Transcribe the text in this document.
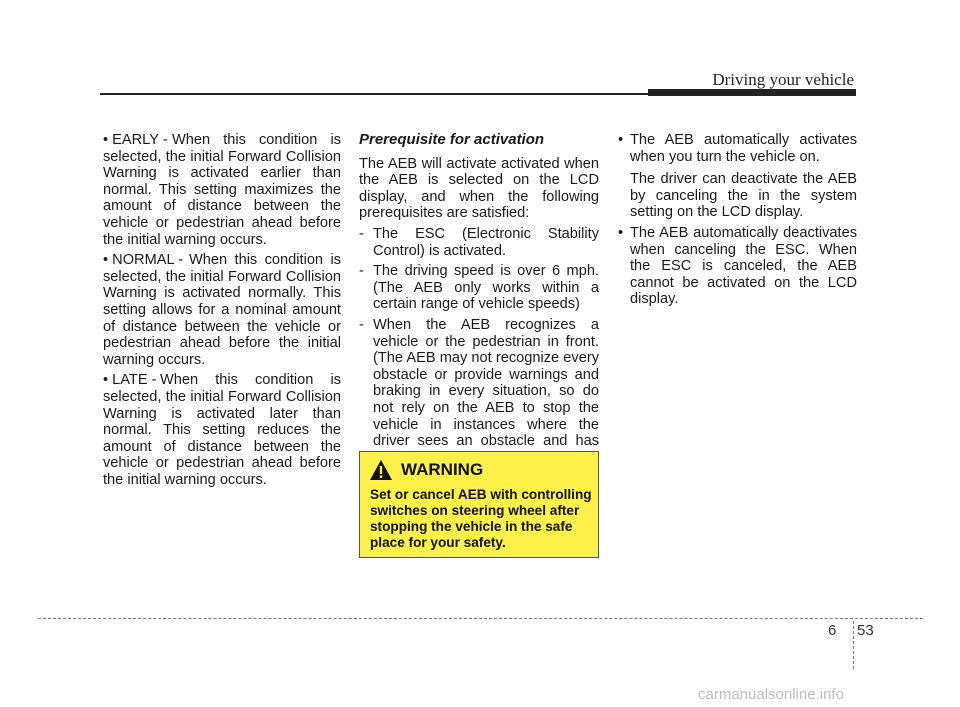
Driving your vehicle
• EARLY - When this condition is selected, the initial Forward Collision Warning is activated earlier than normal. This setting maximizes the amount of distance between the vehicle or pedestrian ahead before the initial warning occurs.
• NORMAL - When this condition is selected, the initial Forward Collision Warning is activated normally. This setting allows for a nominal amount of distance between the vehicle or pedestrian ahead before the initial warning occurs.
• LATE - When this condition is selected, the initial Forward Collision Warning is activated later than normal. This setting reduces the amount of distance between the vehicle or pedestrian ahead before the initial warning occurs.
Prerequisite for activation
The AEB will activate activated when the AEB is selected on the LCD display, and when the following prerequisites are satisfied:
- The ESC (Electronic Stability Control) is activated.
- The driving speed is over 6 mph. (The AEB only works within a certain range of vehicle speeds)
- When the AEB recognizes a vehicle or the pedestrian in front. (The AEB may not recognize every obstacle or provide warnings and braking in every situation, so do not rely on the AEB to stop the vehicle in instances where the driver sees an obstacle and has
WARNING
Set or cancel AEB with controlling switches on steering wheel after stopping the vehicle in the safe place for your safety.
• The AEB automatically activates when you turn the vehicle on.
The driver can deactivate the AEB by canceling the in the system setting on the LCD display.
• The AEB automatically deactivates when canceling the ESC. When the ESC is canceled, the AEB cannot be activated on the LCD display.
6 53
carmanualsonline.info
